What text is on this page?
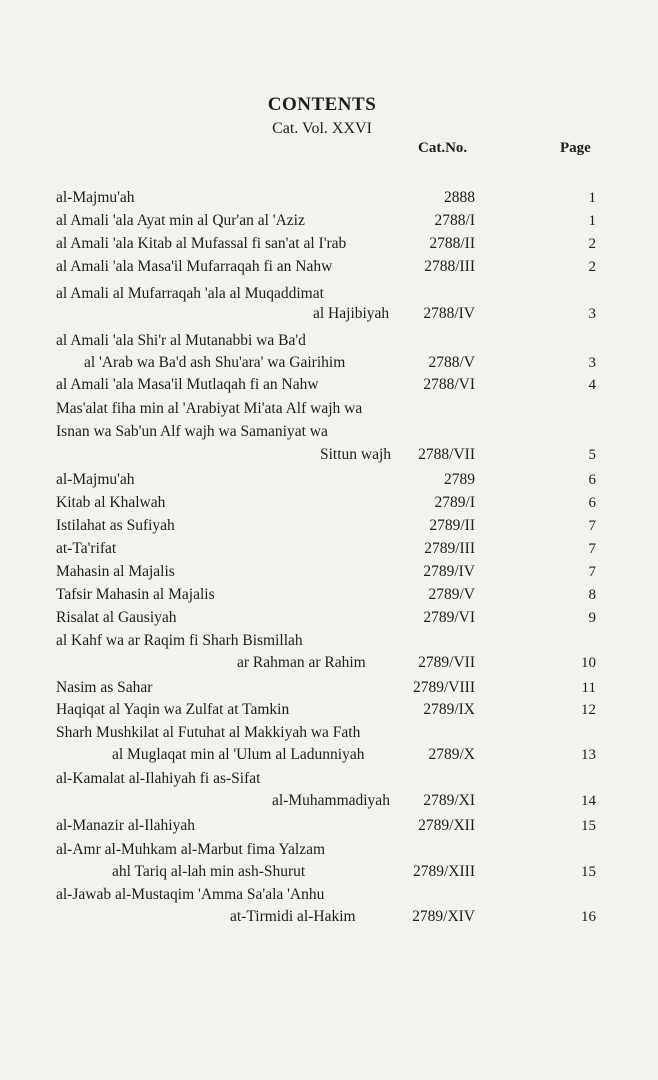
CONTENTS
Cat. Vol. XXVI
Cat.No.	Page
al-Majmu'ah	2888	1
al Amali 'ala Ayat min al Qur'an al 'Aziz	2788/I	1
al Amali 'ala Kitab al Mufassal fi san'at al I'rab	2788/II	2
al Amali 'ala Masa'il Mufarraqah fi an Nahw	2788/III	2
al Amali al Mufarraqah 'ala al Muqaddimat
al Hajibiyah 2788/IV	3
al Amali 'ala Shi'r al Mutanabbi wa Ba'd
al 'Arab wa Ba'd ash Shu'ara' wa Gairihim	2788/V	3
al Amali 'ala Masa'il Mutlaqah fi an Nahw	2788/VI	4
Mas'alat fiha min al 'Arabiyat Mi'ata Alf wajh wa
Isnan wa Sab'un Alf wajh wa Samaniyat wa
Sittun wajh 2788/VII	5
al-Majmu'ah	2789	6
Kitab al Khalwah	2789/I	6
Istilahat as Sufiyah	2789/II	7
at-Ta'rifat	2789/III	7
Mahasin al Majalis	2789/IV	7
Tafsir Mahasin al Majalis	2789/V	8
Risalat al Gausiyah	2789/VI	9
al Kahf wa ar Raqim fi Sharh Bismillah
ar Rahman ar Rahim	2789/VII	10
Nasim as Sahar	2789/VIII	11
Haqiqat al Yaqin wa Zulfat at Tamkin	2789/IX	12
Sharh Mushkilat al Futuhat al Makkiyah wa Fath
al Muglaqat min al 'Ulum al Ladunniyah	2789/X	13
al-Kamalat al-Ilahiyah fi as-Sifat
al-Muhammadiyah 2789/XI	14
al-Manazir al-Ilahiyah	2789/XII	15
al-Amr al-Muhkam al-Marbut fima Yalzam
ahl Tariq al-lah min ash-Shurut	2789/XIII	15
al-Jawab al-Mustaqim 'Amma Sa'ala 'Anhu
at-Tirmidi al-Hakim	2789/XIV	16
